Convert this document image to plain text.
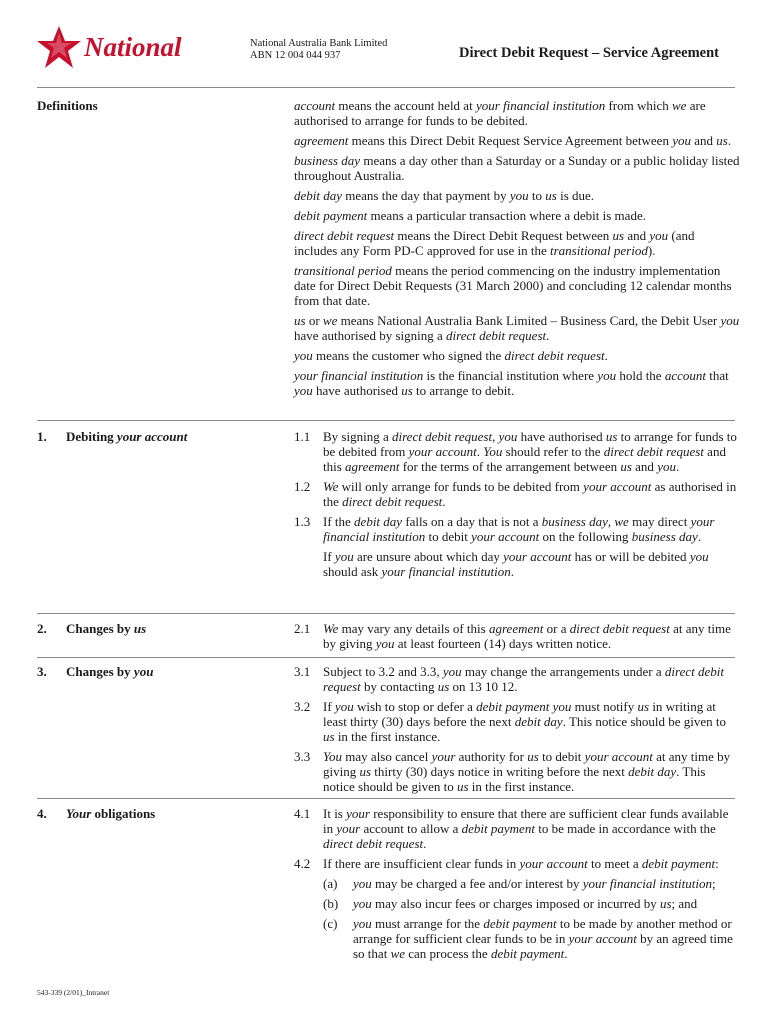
National	National Australia Bank Limited
ABN 12 004 044 937	Direct Debit Request – Service Agreement
Definitions	account means the account held at your financial institution from which we are authorised to arrange for funds to be debited.

agreement means this Direct Debit Request Service Agreement between you and us.

business day means a day other than a Saturday or a Sunday or a public holiday listed throughout Australia.

debit day means the day that payment by you to us is due.

debit payment means a particular transaction where a debit is made.

direct debit request means the Direct Debit Request between us and you (and includes any Form PD-C approved for use in the transitional period).

transitional period means the period commencing on the industry implementation date for Direct Debit Requests (31 March 2000) and concluding 12 calendar months from that date.

us or we means National Australia Bank Limited – Business Card, the Debit User you have authorised by signing a direct debit request.

you means the customer who signed the direct debit request.

your financial institution is the financial institution where you hold the account that you have authorised us to arrange to debit.

1. Debiting your account	1.1 By signing a direct debit request, you have authorised us to arrange for funds to be debited from your account. You should refer to the direct debit request and this agreement for the terms of the arrangement between us and you.
1.2 We will only arrange for funds to be debited from your account as authorised in the direct debit request.
1.3 If the debit day falls on a day that is not a business day, we may direct your financial institution to debit your account on the following business day.
If you are unsure about which day your account has or will be debited you should ask your financial institution.
2. Changes by us	2.1 We may vary any details of this agreement or a direct debit request at any time by giving you at least fourteen (14) days written notice.
3. Changes by you	3.1 Subject to 3.2 and 3.3, you may change the arrangements under a direct debit request by contacting us on 13 10 12.
3.2 If you wish to stop or defer a debit payment you must notify us in writing at least thirty (30) days before the next debit day. This notice should be given to us in the first instance.
3.3 You may also cancel your authority for us to debit your account at any time by giving us thirty (30) days notice in writing before the next debit day. This notice should be given to us in the first instance.
4. Your obligations	4.1 It is your responsibility to ensure that there are sufficient clear funds available in your account to allow a debit payment to be made in accordance with the direct debit request.
4.2 If there are insufficient clear funds in your account to meet a debit payment:
(a) you may be charged a fee and/or interest by your financial institution;
(b) you may also incur fees or charges imposed or incurred by us; and
(c) you must arrange for the debit payment to be made by another method or arrange for sufficient clear funds to be in your account by an agreed time so that we can process the debit payment.
543-339 (2/01)_Intranet
